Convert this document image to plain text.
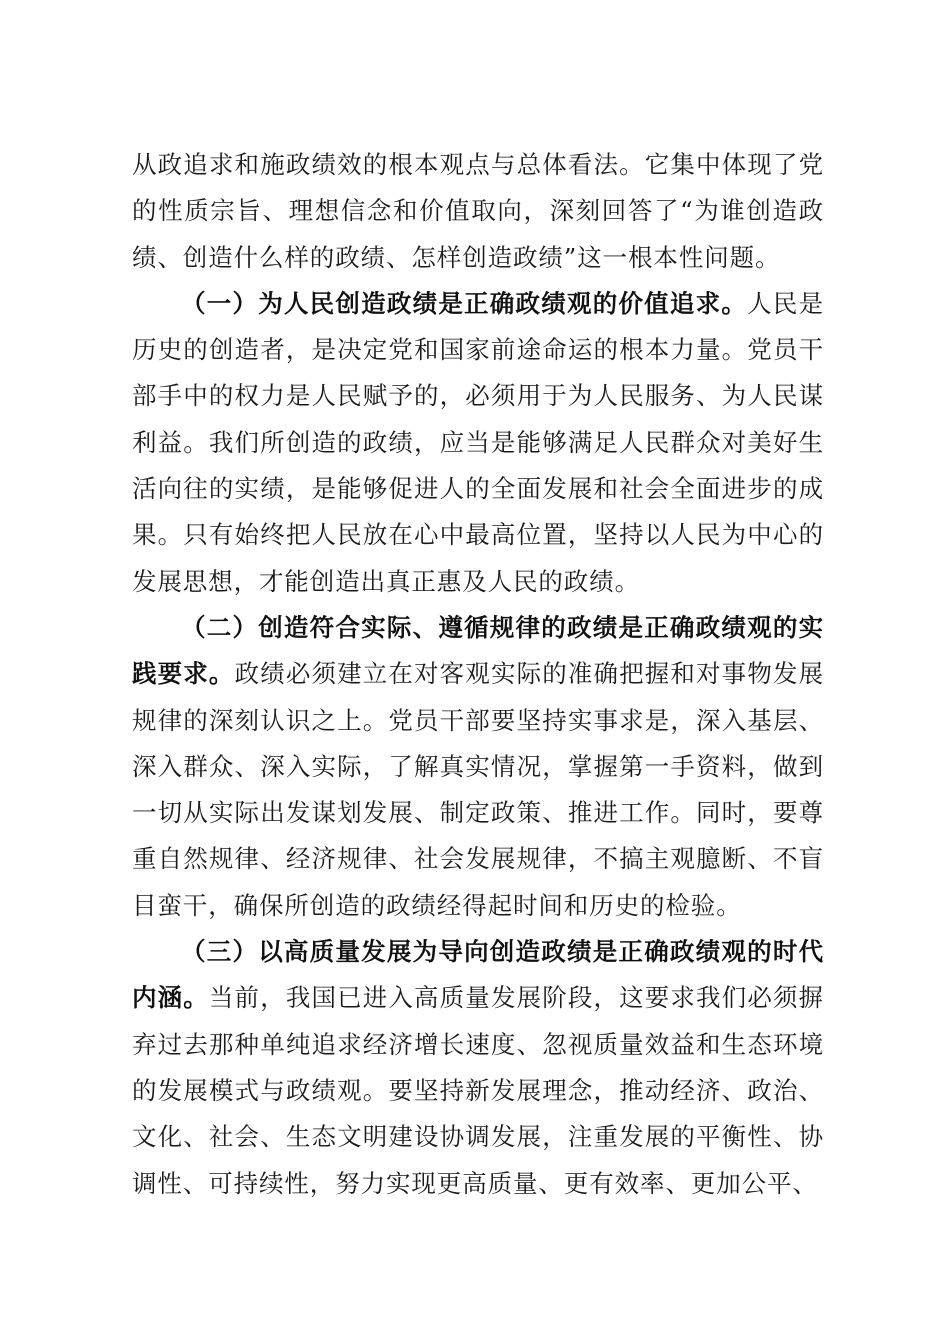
从政追求和施政绩效的根本观点与总体看法。它集中体现了党的性质宗旨、理想信念和价值取向，深刻回答了“为谁创造政绩、创造什么样的政绩、怎样创造政绩”这一根本性问题。

（一）为人民创造政绩是正确政绩观的价值追求。人民是历史的创造者，是决定党和国家前途命运的根本力量。党员干部手中的权力是人民赋予的，必须用于为人民服务、为人民谋利益。我们所创造的政绩，应当是能够满足人民群众对美好生活向往的实绩，是能够促进人的全面发展和社会全面进步的成果。只有始终把人民放在心中最高位置，坚持以人民为中心的发展思想，才能创造出真正惠及人民的政绩。

（二）创造符合实际、遵循规律的政绩是正确政绩观的实践要求。政绩必须建立在对客观实际的准确把握和对事物发展规律的深刻认识之上。党员干部要坚持实事求是，深入基层、深入群众、深入实际，了解真实情况，掌握第一手资料，做到一切从实际出发谋划发展、制定政策、推进工作。同时，要尊重自然规律、经济规律、社会发展规律，不搞主观臆断、不盲目蛮干，确保所创造的政绩经得起时间和历史的检验。

（三）以高质量发展为导向创造政绩是正确政绩观的时代内涵。当前，我国已进入高质量发展阶段，这要求我们必须摒弃过去那种单纯追求经济增长速度、忽视质量效益和生态环境的发展模式与政绩观。要坚持新发展理念，推动经济、政治、文化、社会、生态文明建设协调发展，注重发展的平衡性、协调性、可持续性，努力实现更高质量、更有效率、更加公平、
